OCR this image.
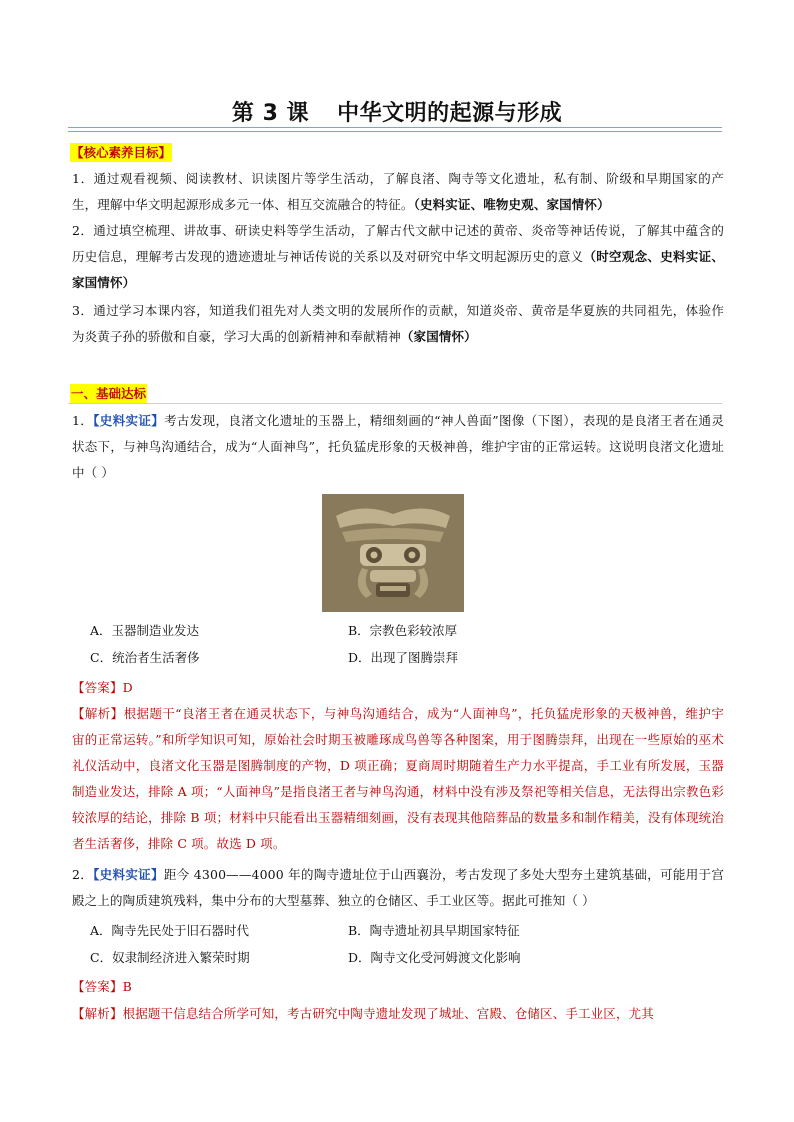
第 3 课 中华文明的起源与形成
【核心素养目标】
1．通过观看视频、阅读教材、识读图片等学生活动，了解良渚、陶寺等文化遗址，私有制、阶级和早期国家的产生，理解中华文明起源形成多元一体、相互交流融合的特征。（史料实证、唯物史观、家国情怀）
2．通过填空梳理、讲故事、研读史料等学生活动，了解古代文献中记述的黄帝、炎帝等神话传说，了解其中蕴含的历史信息，理解考古发现的遗迹遗址与神话传说的关系以及对研究中华文明起源历史的意义（时空观念、史料实证、家国情怀）
3．通过学习本课内容，知道我们祖先对人类文明的发展所作的贡献，知道炎帝、黄帝是华夏族的共同祖先，体验作为炎黄子孙的骄傲和自豪，学习大禹的创新精神和奉献精神（家国情怀）
一、基础达标
1．【史料实证】考古发现，良渚文化遗址的玉器上，精细刻画的“神人兽面”图像（下图），表现的是良渚王者在通灵状态下，与神鸟沟通结合，成为“人面神鸟”，托负猛虎形象的天极神兽，维护宇宙的正常运转。这说明良渚文化遗址中（ ）
A．玉器制造业发达	B．宗教色彩较浓厚
C．统治者生活奢侈	D．出现了图腾崇拜
【答案】D
【解析】根据题干“良渚王者在通灵状态下，与神鸟沟通结合，成为“人面神鸟”，托负猛虎形象的天极神兽，维护宇宙的正常运转。”和所学知识可知，原始社会时期玉被雕琢成鸟兽等各种图案，用于图腾崇拜，出现在一些原始的巫术礼仪活动中，良渚文化玉器是图腾制度的产物，D 项正确；夏商周时期随着生产力水平提高，手工业有所发展，玉器制造业发达，排除 A 项；“人面神鸟”是指良渚王者与神鸟沟通，材料中没有涉及祭祀等相关信息，无法得出宗教色彩较浓厚的结论，排除 B 项；材料中只能看出玉器精细刻画，没有表现其他陪葬品的数量多和制作精美，没有体现统治者生活奢侈，排除 C 项。故选 D 项。
2．【史料实证】距今 4300——4000 年的陶寺遗址位于山西襄汾，考古发现了多处大型夯土建筑基础，可能用于宫殿之上的陶质建筑残料，集中分布的大型墓葬、独立的仓储区、手工业区等。据此可推知（ ）
A．陶寺先民处于旧石器时代	B．陶寺遗址初具早期国家特征
C．奴隶制经济进入繁荣时期	D．陶寺文化受河姆渡文化影响
【答案】B
【解析】根据题干信息结合所学可知，考古研究中陶寺遗址发现了城址、宫殿、仓储区、手工业区，尤其
